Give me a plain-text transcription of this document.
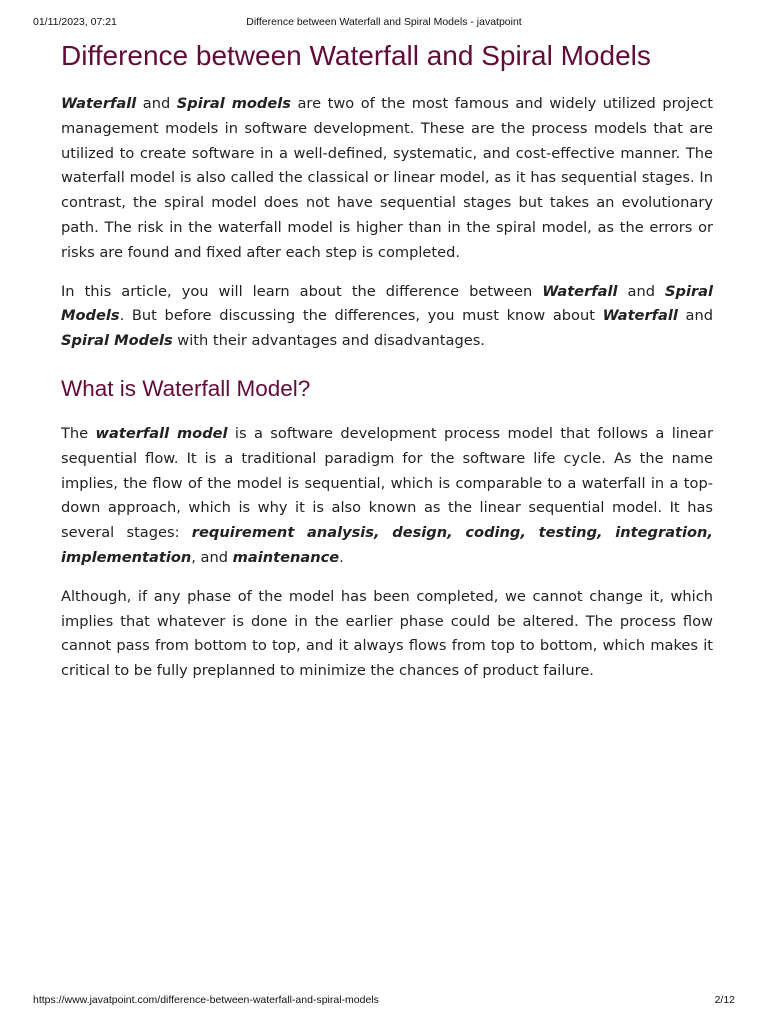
01/11/2023, 07:21	Difference between Waterfall and Spiral Models - javatpoint
Difference between Waterfall and Spiral Models

Waterfall and Spiral models are two of the most famous and widely utilized project management models in software development. These are the process models that are utilized to create software in a well-defined, systematic, and cost-effective manner. The waterfall model is also called the classical or linear model, as it has sequential stages. In contrast, the spiral model does not have sequential stages but takes an evolutionary path. The risk in the waterfall model is higher than in the spiral model, as the errors or risks are found and fixed after each step is completed.

In this article, you will learn about the difference between Waterfall and Spiral Models. But before discussing the differences, you must know about Waterfall and Spiral Models with their advantages and disadvantages.

What is Waterfall Model?

The waterfall model is a software development process model that follows a linear sequential flow. It is a traditional paradigm for the software life cycle. As the name implies, the flow of the model is sequential, which is comparable to a waterfall in a top-down approach, which is why it is also known as the linear sequential model. It has several stages: requirement analysis, design, coding, testing, integration, implementation, and maintenance.

Although, if any phase of the model has been completed, we cannot change it, which implies that whatever is done in the earlier phase could be altered. The process flow cannot pass from bottom to top, and it always flows from top to bottom, which makes it critical to be fully preplanned to minimize the chances of product failure.

https://www.javatpoint.com/difference-between-waterfall-and-spiral-models	2/12
